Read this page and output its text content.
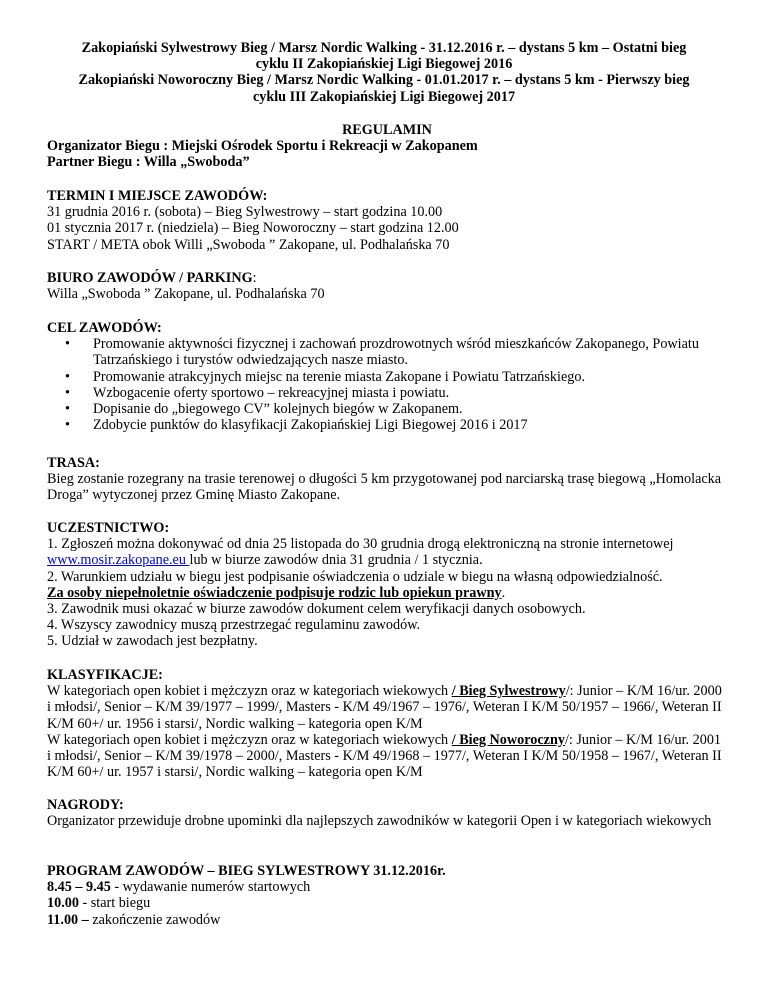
Zakopiański Sylwestrowy Bieg / Marsz Nordic Walking - 31.12.2016 r. – dystans 5 km – Ostatni bieg
cyklu II Zakopiańskiej Ligi Biegowej 2016
Zakopiański Noworoczny Bieg / Marsz Nordic Walking - 01.01.2017 r. – dystans 5 km - Pierwszy bieg
cyklu III Zakopiańskiej Ligi Biegowej 2017
REGULAMIN
Organizator Biegu : Miejski Ośrodek Sportu i Rekreacji w Zakopanem
Partner Biegu : Willa „Swoboda”
TERMIN I MIEJSCE ZAWODÓW:
31 grudnia 2016 r. (sobota) – Bieg Sylwestrowy – start godzina 10.00
01 stycznia 2017 r. (niedziela) – Bieg Noworoczny – start godzina 12.00
START / META obok Willi „Swoboda ” Zakopane, ul. Podhalańska 70
BIURO ZAWODÓW / PARKING:
Willa „Swoboda ” Zakopane, ul. Podhalańska 70
CEL ZAWODÓW:
• Promowanie aktywności fizycznej i zachowań prozdrowotnych wśród mieszkańców Zakopanego, Powiatu Tatrzańskiego i turystów odwiedzających nasze miasto.
• Promowanie atrakcyjnych miejsc na terenie miasta Zakopane i Powiatu Tatrzańskiego.
• Wzbogacenie oferty sportowo – rekreacyjnej miasta i powiatu.
• Dopisanie do „biegowego CV” kolejnych biegów w Zakopanem.
• Zdobycie punktów do klasyfikacji Zakopiańskiej Ligi Biegowej 2016 i 2017
TRASA:

Bieg zostanie rozegrany na trasie terenowej o długości 5 km przygotowanej pod narciarską trasę biegową „Homolacka Droga” wytyczonej przez Gminę Miasto Zakopane.

UCZESTNICTWO:

1. Zgłoszeń można dokonywać od dnia 25 listopada do 30 grudnia drogą elektroniczną na stronie internetowej www.mosir.zakopane.eu lub w biurze zawodów dnia 31 grudnia / 1 stycznia.

2. Warunkiem udziału w biegu jest podpisanie oświadczenia o udziale w biegu na własną odpowiedzialność.

Za osoby niepełnoletnie oświadczenie podpisuje rodzic lub opiekun prawny.

3. Zawodnik musi okazać w biurze zawodów dokument celem weryfikacji danych osobowych.

4. Wszyscy zawodnicy muszą przestrzegać regulaminu zawodów.

5. Udział w zawodach jest bezpłatny.

KLASYFIKACJE:

W kategoriach open kobiet i mężczyzn oraz w kategoriach wiekowych / Bieg Sylwestrowy/: Junior – K/M 16/ur. 2000 i młodsi/, Senior – K/M 39/1977 – 1999/, Masters - K/M 49/1967 – 1976/, Weteran I K/M 50/1957 – 1966/, Weteran II K/M 60+/ ur. 1956 i starsi/, Nordic walking – kategoria open K/M

W kategoriach open kobiet i mężczyzn oraz w kategoriach wiekowych / Bieg Noworoczny/: Junior – K/M 16/ur. 2001 i młodsi/, Senior – K/M 39/1978 – 2000/, Masters - K/M 49/1968 – 1977/, Weteran I K/M 50/1958 – 1967/, Weteran II K/M 60+/ ur. 1957 i starsi/, Nordic walking – kategoria open K/M

NAGRODY:

Organizator przewiduje drobne upominki dla najlepszych zawodników w kategorii Open i w kategoriach wiekowych

PROGRAM ZAWODÓW – BIEG SYLWESTROWY 31.12.2016r.
8.45 – 9.45 - wydawanie numerów startowych
10.00 - start biegu
11.00 – zakończenie zawodów
